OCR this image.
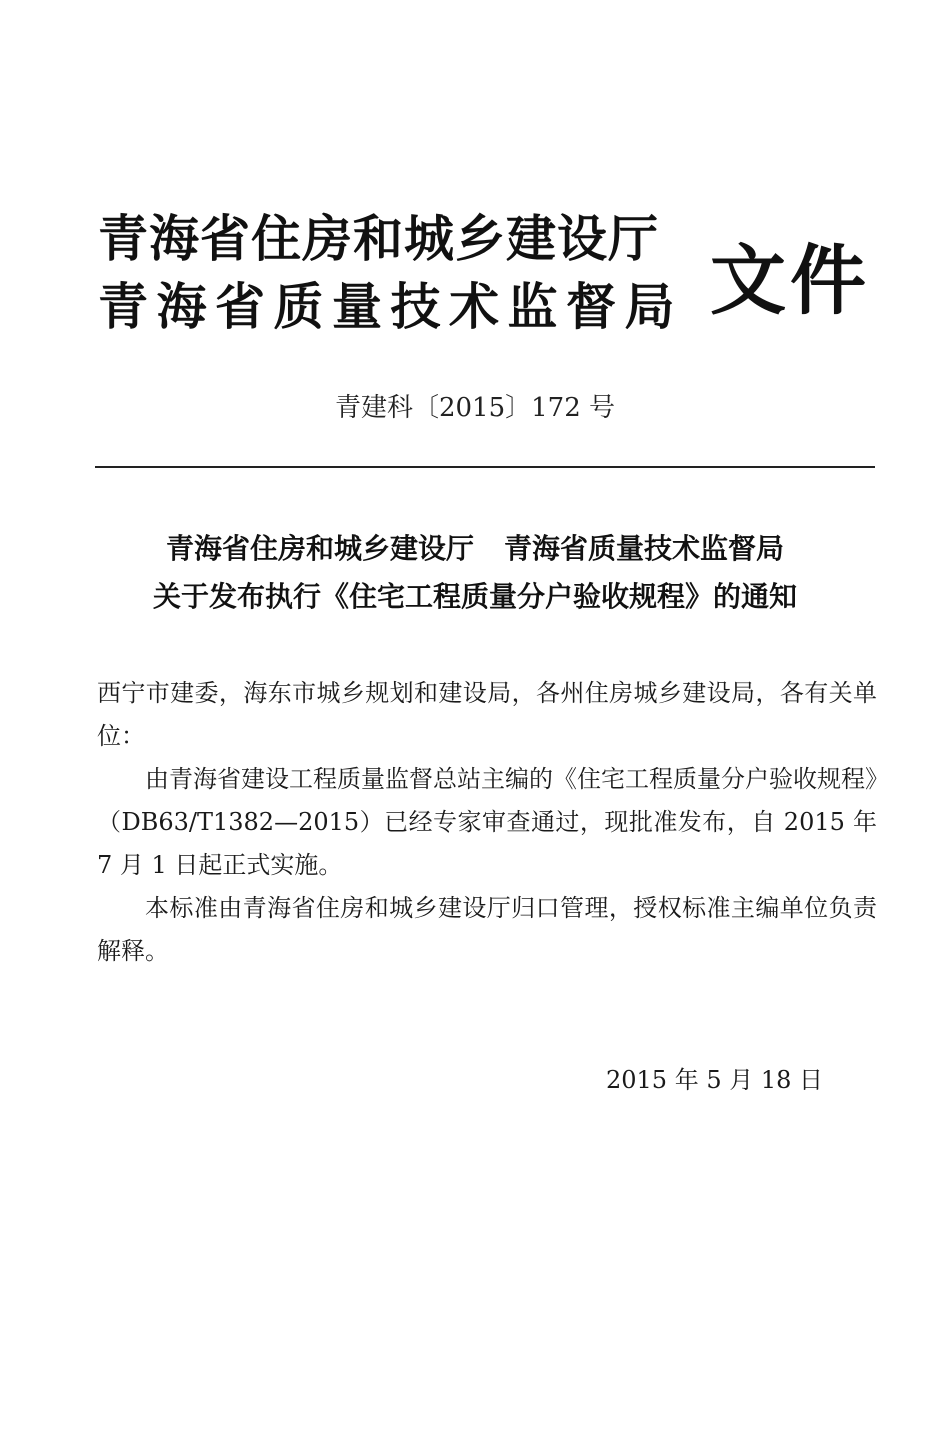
青海省住房和城乡建设厅
青海省质量技术监督局 文件
青建科〔2015〕172 号
青海省住房和城乡建设厅 青海省质量技术监督局
关于发布执行《住宅工程质量分户验收规程》的通知

西宁市建委，海东市城乡规划和建设局，各州住房城乡建设局，各有关单位：

由青海省建设工程质量监督总站主编的《住宅工程质量分户验收规程》（DB63/T1382—2015）已经专家审查通过，现批准发布，自 2015 年 7 月 1 日起正式实施。

本标准由青海省住房和城乡建设厅归口管理，授权标准主编单位负责解释。

2015 年 5 月 18 日
